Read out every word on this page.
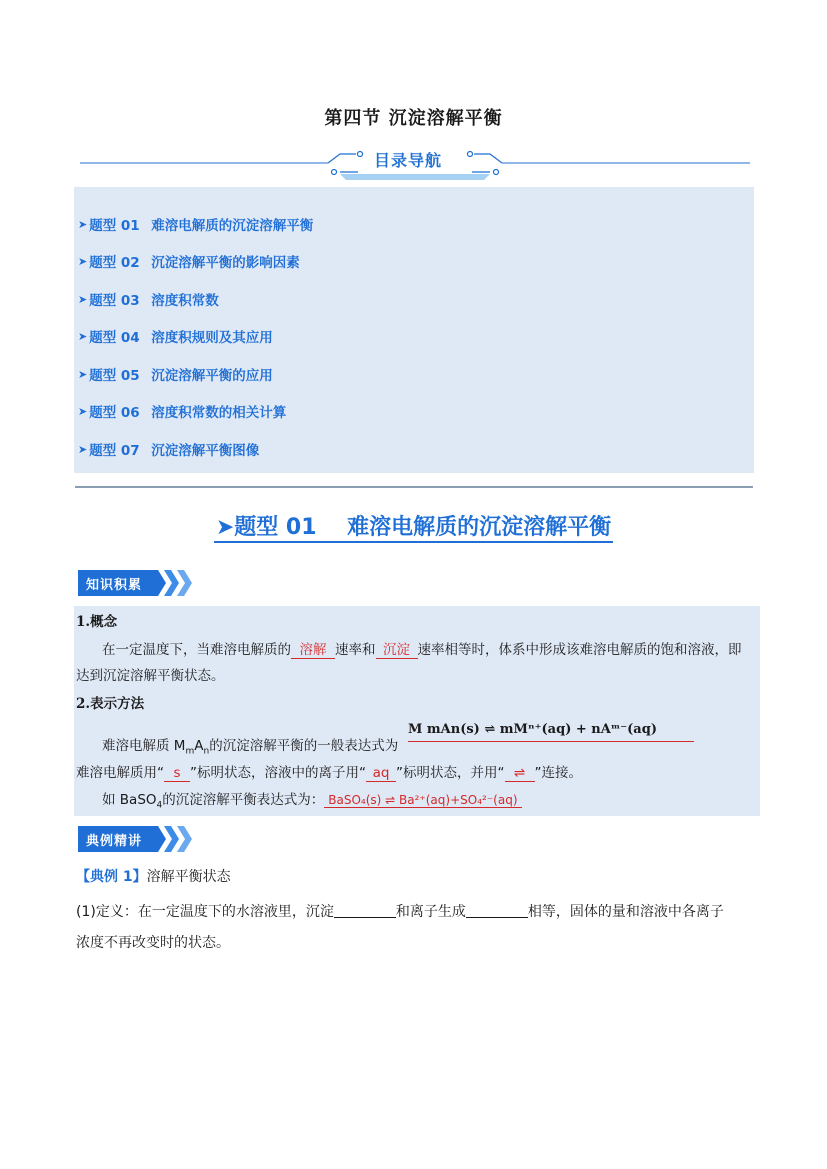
第四节 沉淀溶解平衡
目录导航
➤ 题型 01 难溶电解质的沉淀溶解平衡
➤ 题型 02 沉淀溶解平衡的影响因素
➤ 题型 03 溶度积常数
➤ 题型 04 溶度积规则及其应用
➤ 题型 05 沉淀溶解平衡的应用
➤ 题型 06 溶度积常数的相关计算
➤ 题型 07 沉淀溶解平衡图像
➤题型 01    难溶电解质的沉淀溶解平衡
知识积累
1.概念
在一定温度下，当难溶电解质的 溶解 速率和 沉淀 速率相等时，体系中形成该难溶电解质的饱和溶液，即
达到沉淀溶解平衡状态。
2.表示方法
难溶电解质 $M_mA_n$的沉淀溶解平衡的一般表达式为
M mAn(s) ⇌ mMⁿ⁺(aq) + nAᵐ⁻(aq)
难溶电解质用“ s ”标明状态，溶液中的离子用“ aq ”标明状态，并用“ ⇌ ”连接。
如 BaSO$_4$的沉淀溶解平衡表达式为： BaSO₄(s) ⇌ Ba²⁺(aq)+SO₄²⁻(aq)
典例精讲
【典例 1】溶解平衡状态
(1)定义：在一定温度下的水溶液里，沉淀	和离子生成	相等，固体的量和溶液中各离子
浓度不再改变时的状态。
